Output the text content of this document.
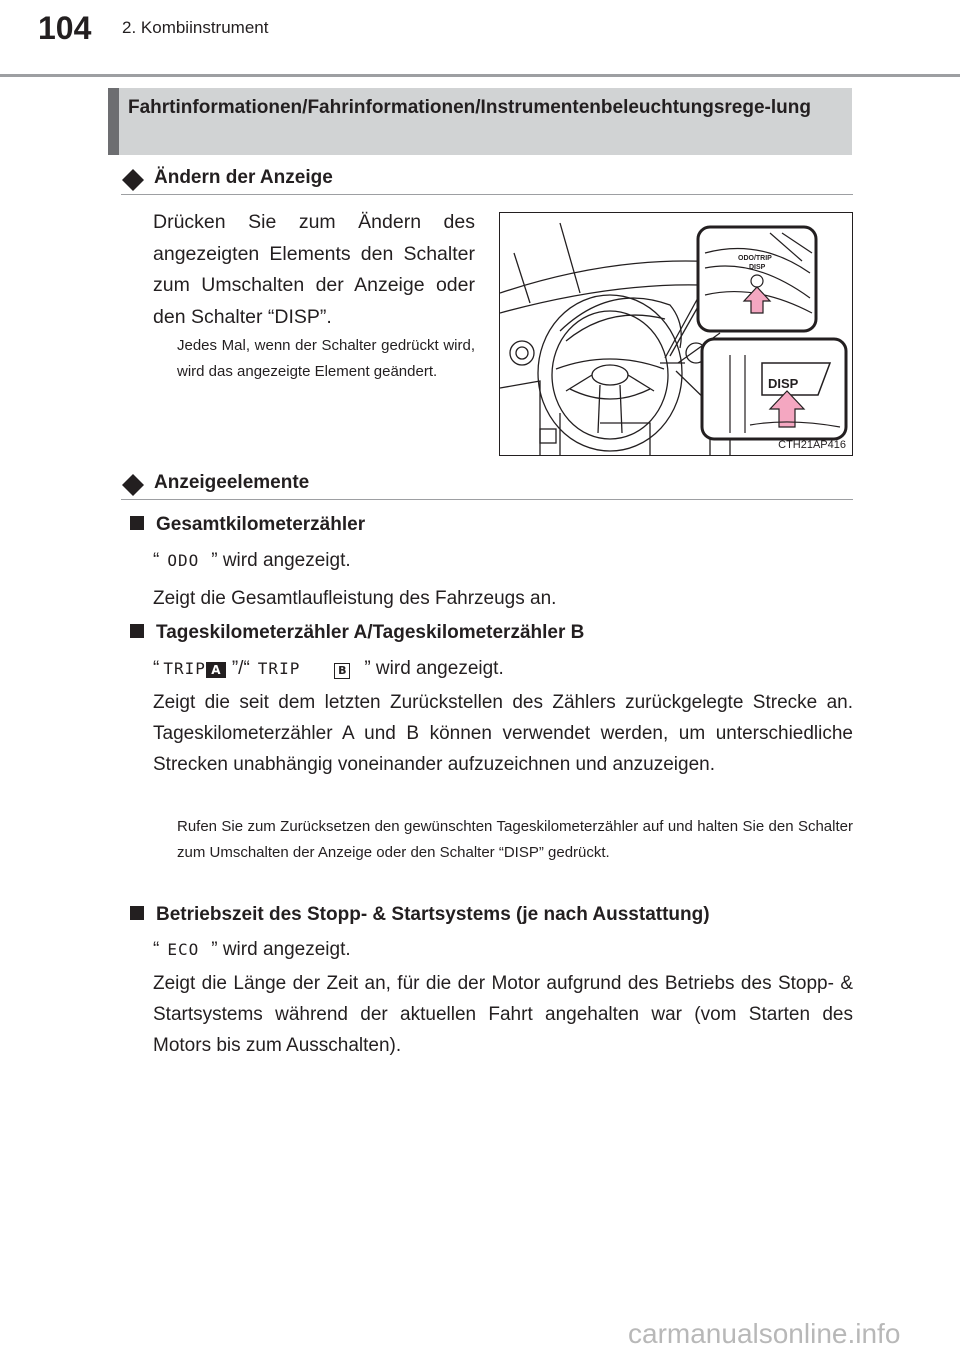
104 2. Kombiinstrument
Fahrtinformationen/Fahrinformationen/Instrumentenbeleuchtungsrege-lung
Ändern der Anzeige
Drücken Sie zum Ändern des angezeigten Elements den Schalter zum Umschalten der Anzeige oder den Schalter “DISP”.
Jedes Mal, wenn der Schalter gedrückt wird, wird das angezeigte Element geändert.
ODO/TRIP
DISP
DISP
CTH21AP416
Anzeigeelemente
Gesamtkilometerzähler
“ ODO ” wird angezeigt.
Zeigt die Gesamtlaufleistung des Fahrzeugs an.
Tageskilometerzähler A/Tageskilometerzähler B
“ TRIP A ”/“ TRIP	B ” wird angezeigt.
Zeigt die seit dem letzten Zurückstellen des Zählers zurückgelegte Strecke an. Tageskilometerzähler A und B können verwendet werden, um unterschiedliche Strecken unabhängig voneinander aufzuzeichnen und anzuzeigen.
Rufen Sie zum Zurücksetzen den gewünschten Tageskilometerzähler auf und halten Sie den Schalter zum Umschalten der Anzeige oder den Schalter “DISP” gedrückt.
Betriebszeit des Stopp- & Startsystems (je nach Ausstattung)
“ ECO ” wird angezeigt.
Zeigt die Länge der Zeit an, für die der Motor aufgrund des Betriebs des Stopp- & Startsystems während der aktuellen Fahrt angehalten war (vom Starten des Motors bis zum Ausschalten).
carmanualsonline.info
